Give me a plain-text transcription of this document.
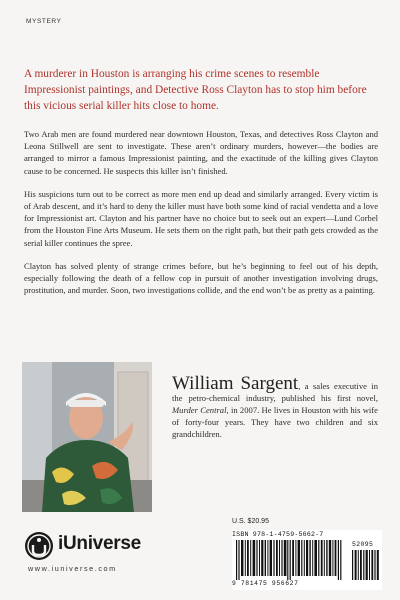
MYSTERY
A murderer in Houston is arranging his crime scenes to resemble Impressionist paintings, and Detective Ross Clayton has to stop him before this vicious serial killer hits close to home.

Two Arab men are found murdered near downtown Houston, Texas, and detectives Ross Clayton and Leona Stillwell are sent to investigate. These aren’t ordinary murders, however—the bodies are arranged to mirror a famous Impressionist painting, and the exactitude of the killing gives Clayton cause to be concerned. He suspects this killer isn’t finished.

His suspicions turn out to be correct as more men end up dead and similarly arranged. Every victim is of Arab descent, and it’s hard to deny the killer must have both some kind of racial vendetta and a love for Impressionist art. Clayton and his partner have no choice but to seek out an expert—Lund Corbel from the Houston Fine Arts Museum. He sets them on the right path, but their path gets crowded as the serial killer continues the spree.

Clayton has solved plenty of strange crimes before, but he’s beginning to feel out of his depth, especially following the death of a fellow cop in pursuit of another investigation involving drugs, prostitution, and murder. Soon, two investigations collide, and the end won’t be as pretty as a painting.

William Sargent, a sales executive in the petro-chemical industry, published his first novel, Murder Central, in 2007. He lives in Houston with his wife of forty-four years. They have two children and six grandchildren.
iUniverse
www.iuniverse.com
U.S. $20.95
ISBN 978-1-4759-5662-7
52095
9 781475 956627
